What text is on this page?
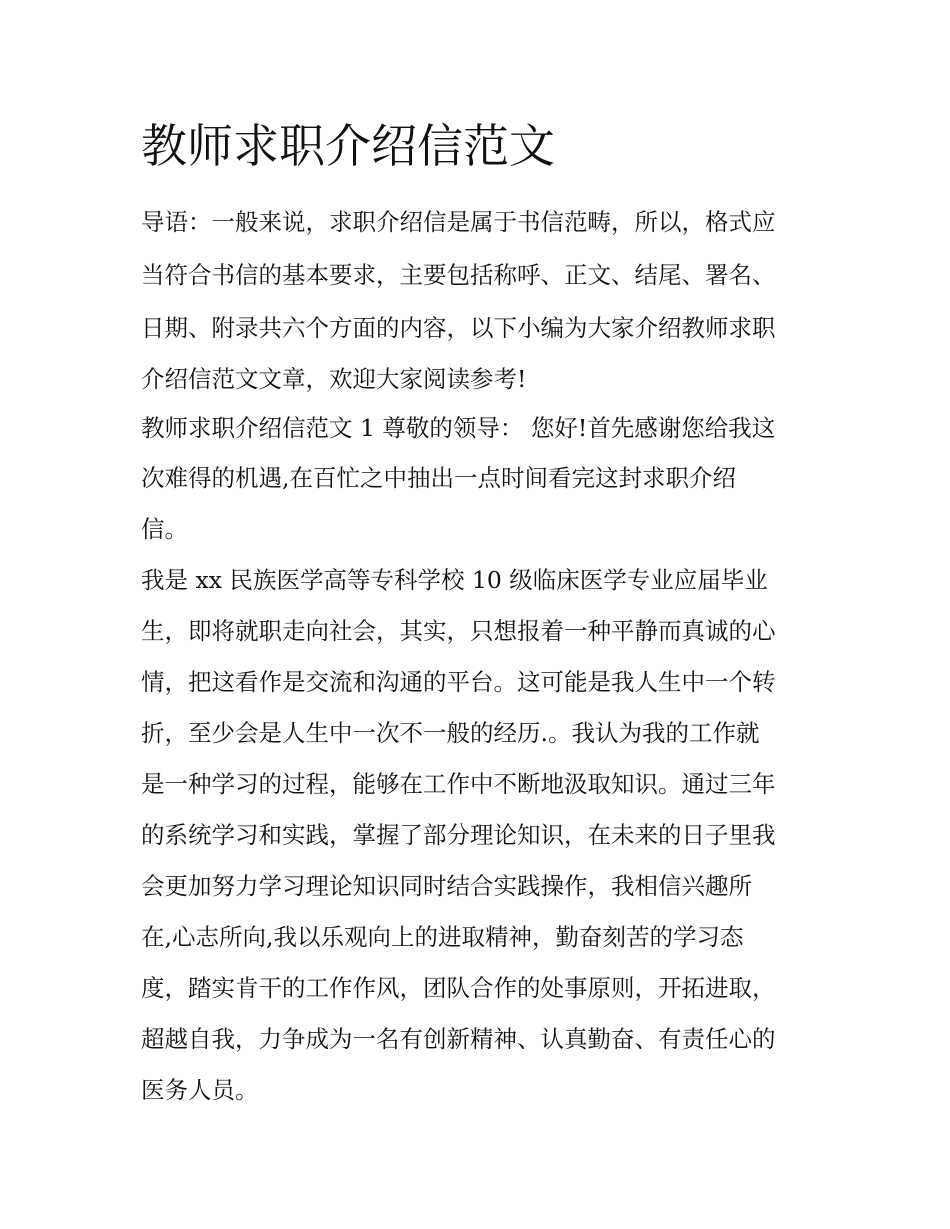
教师求职介绍信范文

导语：一般来说，求职介绍信是属于书信范畴，所以，格式应

当符合书信的基本要求，主要包括称呼、正文、结尾、署名、

日期、附录共六个方面的内容，以下小编为大家介绍教师求职

介绍信范文文章，欢迎大家阅读参考!

教师求职介绍信范文 1 尊敬的领导： 您好!首先感谢您给我这

次难得的机遇,在百忙之中抽出一点时间看完这封求职介绍

信。

我是 xx 民族医学高等专科学校 10 级临床医学专业应届毕业

生，即将就职走向社会，其实，只想报着一种平静而真诚的心

情，把这看作是交流和沟通的平台。这可能是我人生中一个转

折，至少会是人生中一次不一般的经历.。我认为我的工作就

是一种学习的过程，能够在工作中不断地汲取知识。通过三年

的系统学习和实践，掌握了部分理论知识，在未来的日子里我

会更加努力学习理论知识同时结合实践操作，我相信兴趣所

在,心志所向,我以乐观向上的进取精神，勤奋刻苦的学习态

度，踏实肯干的工作作风，团队合作的处事原则，开拓进取，

超越自我，力争成为一名有创新精神、认真勤奋、有责任心的

医务人员。
